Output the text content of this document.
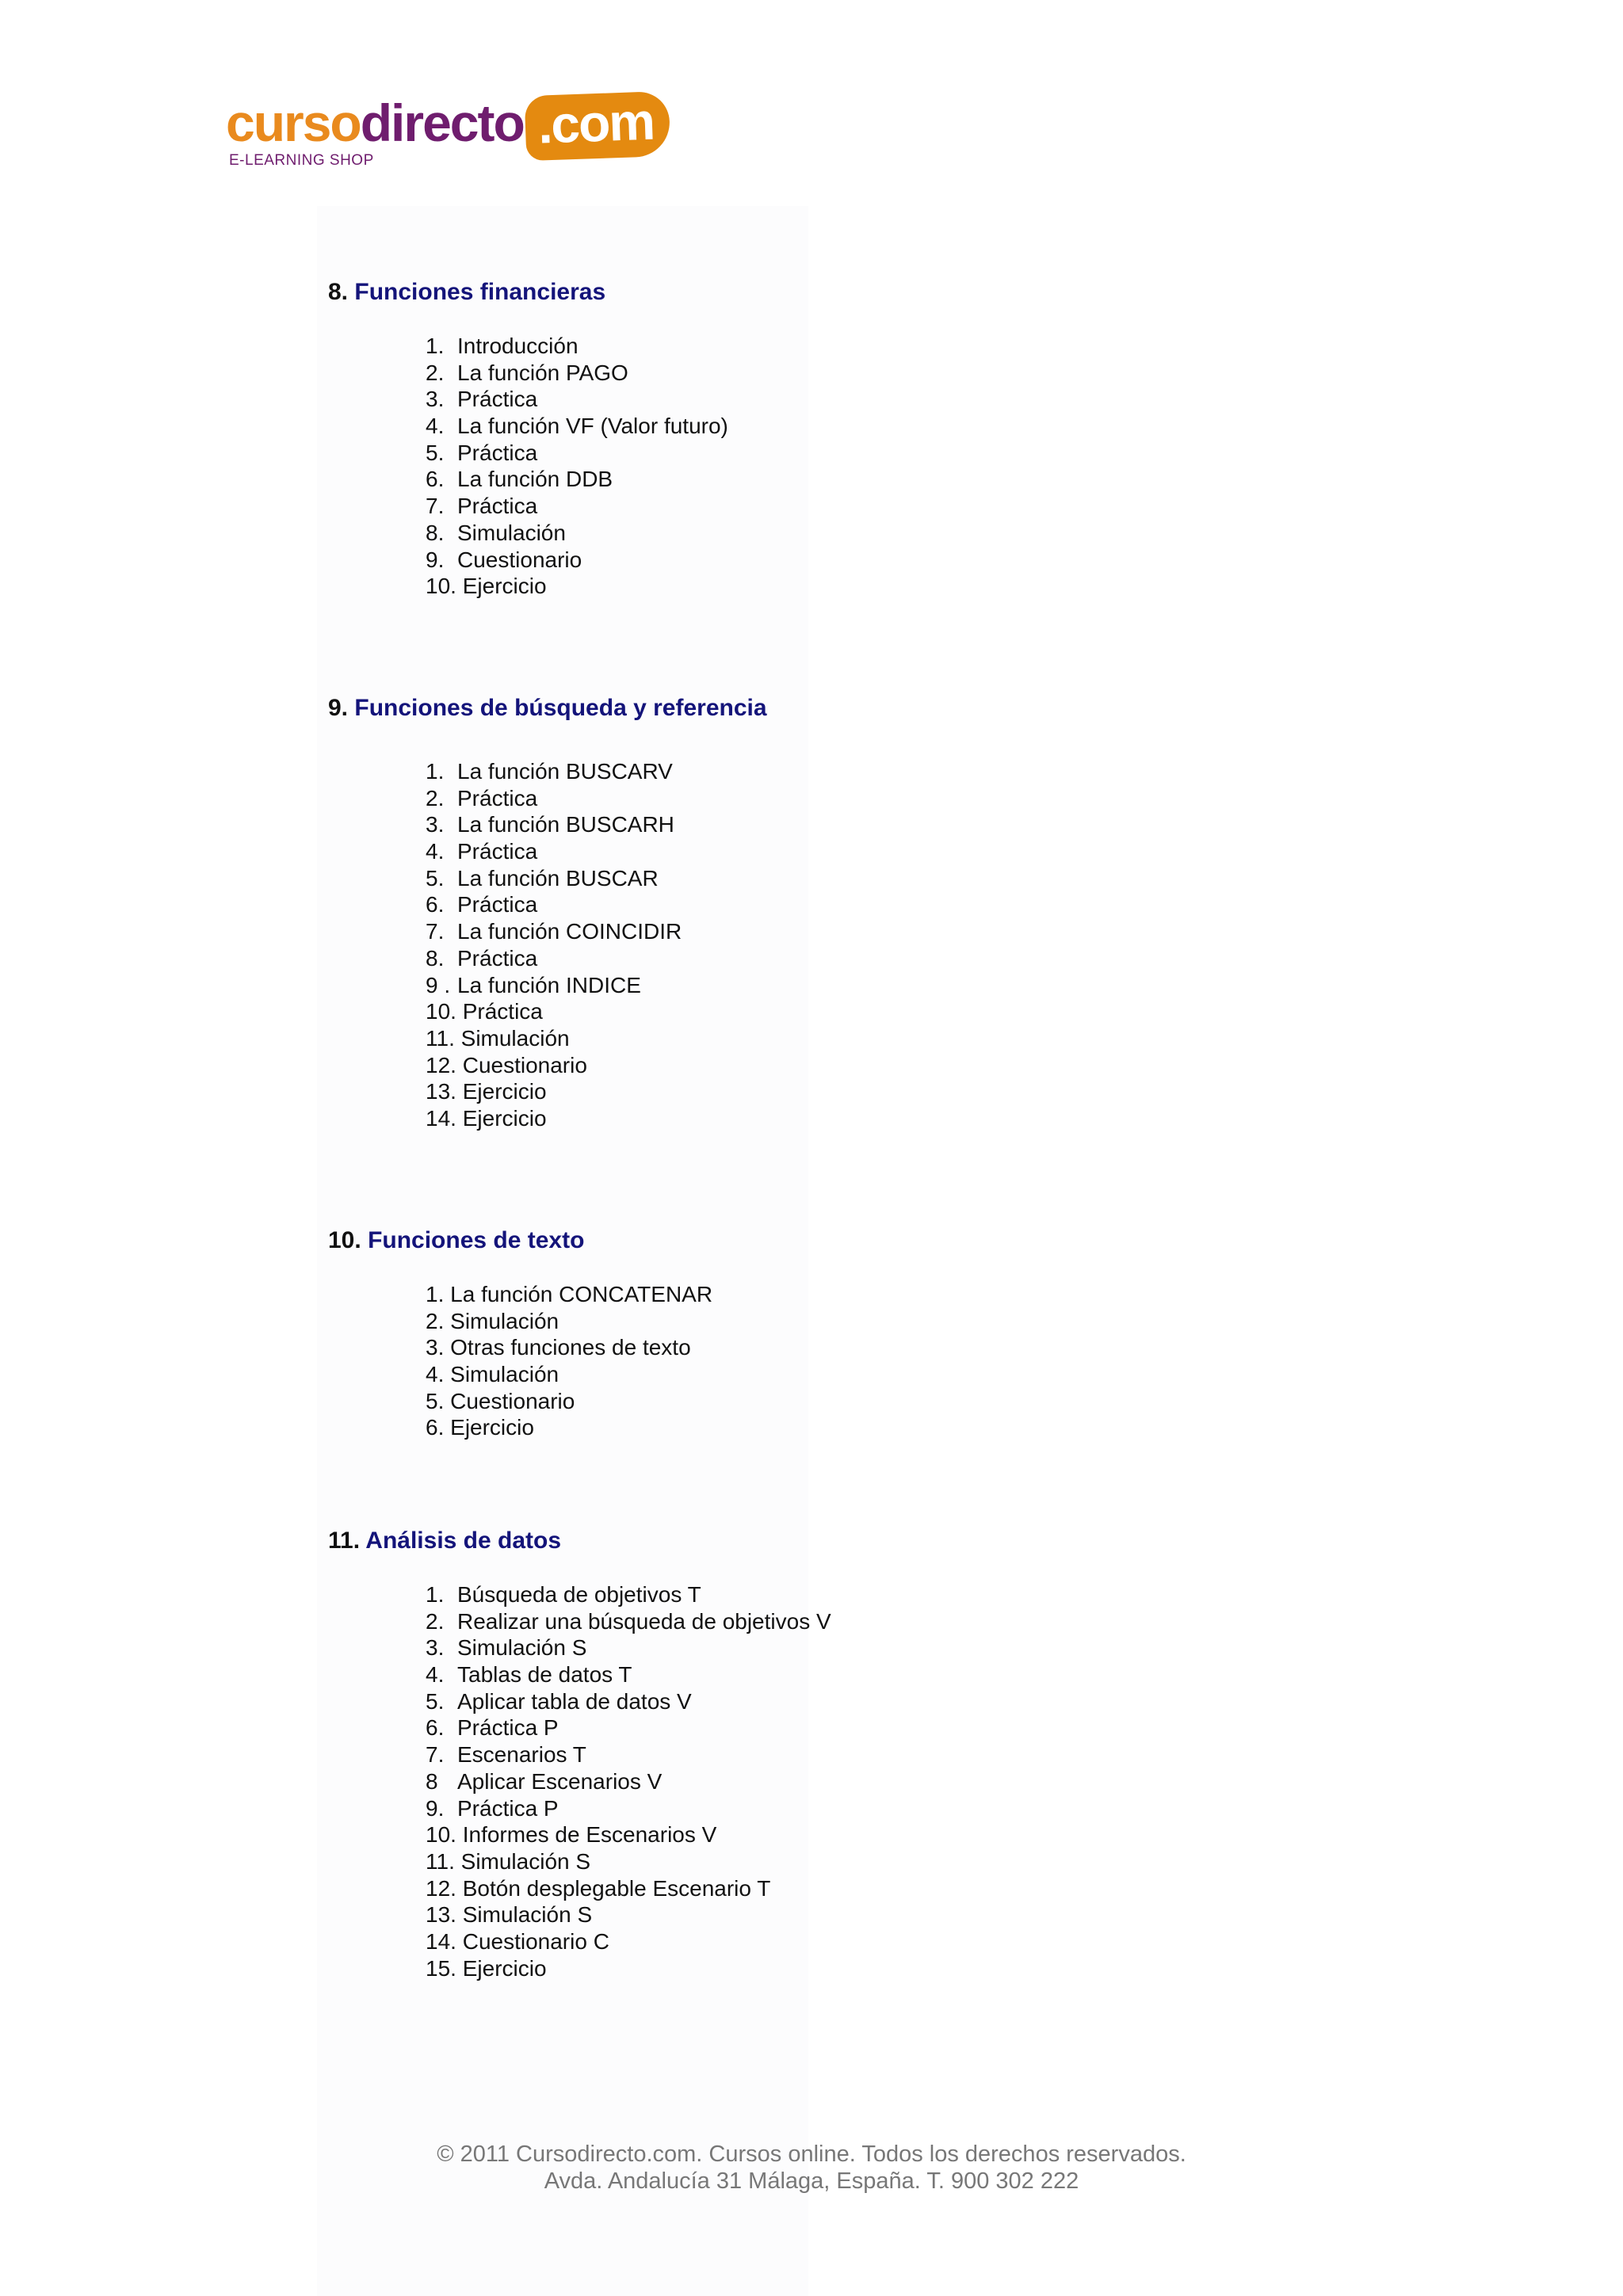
cursodirecto .com
E-LEARNING SHOP
8. Funciones financieras
1. Introducción
2. La función PAGO
3. Práctica
4. La función VF (Valor futuro)
5. Práctica
6. La función DDB
7. Práctica
8. Simulación
9. Cuestionario
10. Ejercicio
9. Funciones de búsqueda y referencia
1. La función BUSCARV
2. Práctica
3. La función BUSCARH
4. Práctica
5. La función BUSCAR
6. Práctica
7. La función COINCIDIR
8. Práctica
9 . La función INDICE
10. Práctica
11. Simulación
12. Cuestionario
13. Ejercicio
14. Ejercicio
10. Funciones de texto
1. La función CONCATENAR
2. Simulación
3. Otras funciones de texto
4. Simulación
5. Cuestionario
6. Ejercicio
11. Análisis de datos
1. Búsqueda de objetivos T
2. Realizar una búsqueda de objetivos V
3. Simulación S
4. Tablas de datos T
5. Aplicar tabla de datos V
6. Práctica P
7. Escenarios T
8 Aplicar Escenarios V
9. Práctica P
10. Informes de Escenarios V
11. Simulación S
12. Botón desplegable Escenario T
13. Simulación S
14. Cuestionario C
15. Ejercicio
© 2011 Cursodirecto.com. Cursos online. Todos los derechos reservados.
Avda. Andalucía 31 Málaga, España. T. 900 302 222
